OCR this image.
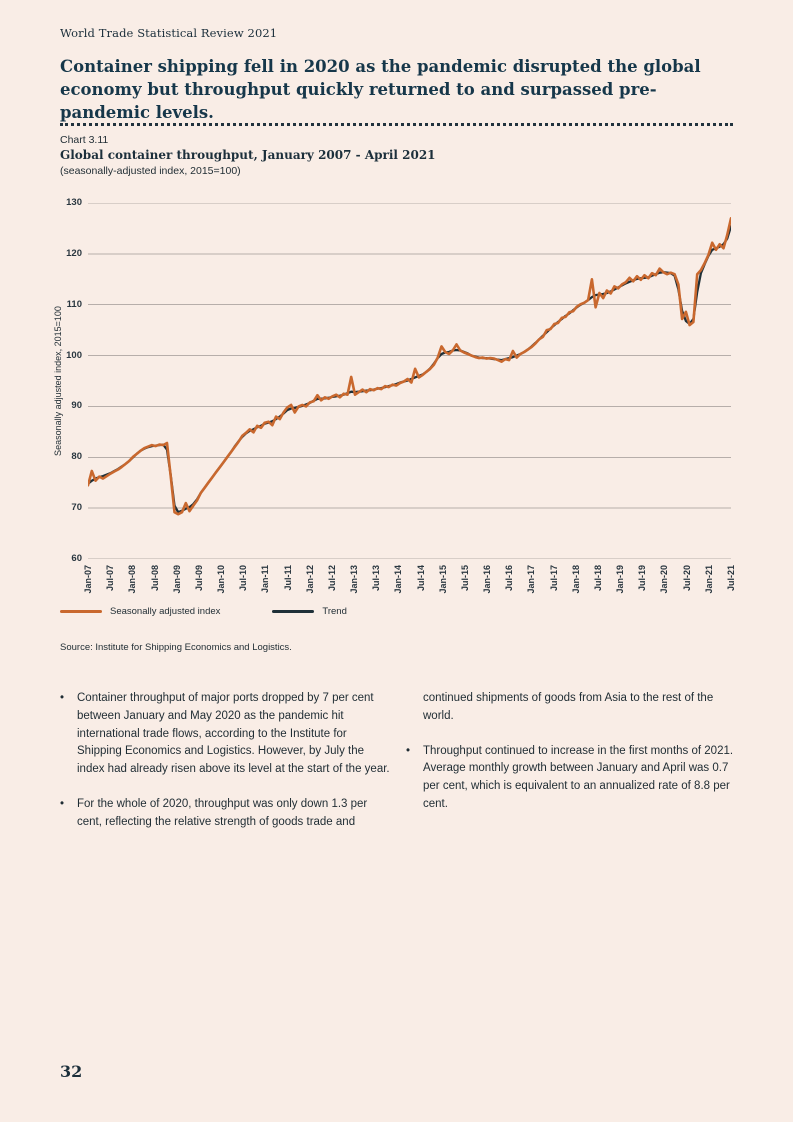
World Trade Statistical Review 2021
Container shipping fell in 2020 as the pandemic disrupted the global economy but throughput quickly returned to and surpassed pre-pandemic levels.
Chart 3.11
Global container throughput, January 2007 - April 2021
(seasonally-adjusted index, 2015=100)
60
70
80
90
100
110
120
130
Seasonally adjusted index, 2015=100
Jan-07 Jul-07 Jan-08 Jul-08 Jan-09 Jul-09 Jan-10 Jul-10 Jan-11 Jul-11 Jan-12 Jul-12 Jan-13 Jul-13 Jan-14 Jul-14 Jan-15 Jul-15 Jan-16 Jul-16 Jan-17 Jul-17 Jan-18 Jul-18 Jan-19 Jul-19 Jan-20 Jul-20 Jan-21 Jul-21
Seasonally adjusted index	Trend
Source: Institute for Shipping Economics and Logistics.
•	Container throughput of major ports dropped by 7 per cent between January and May 2020 as the pandemic hit international trade flows, according to the Institute for Shipping Economics and Logistics. However, by July the index had already risen above its level at the start of the year.
•	For the whole of 2020, throughput was only down 1.3 per cent, reflecting the relative strength of goods trade and
continued shipments of goods from Asia to the rest of the world.
•	Throughput continued to increase in the first months of 2021. Average monthly growth between January and April was 0.7 per cent, which is equivalent to an annualized rate of 8.8 per cent.
32
